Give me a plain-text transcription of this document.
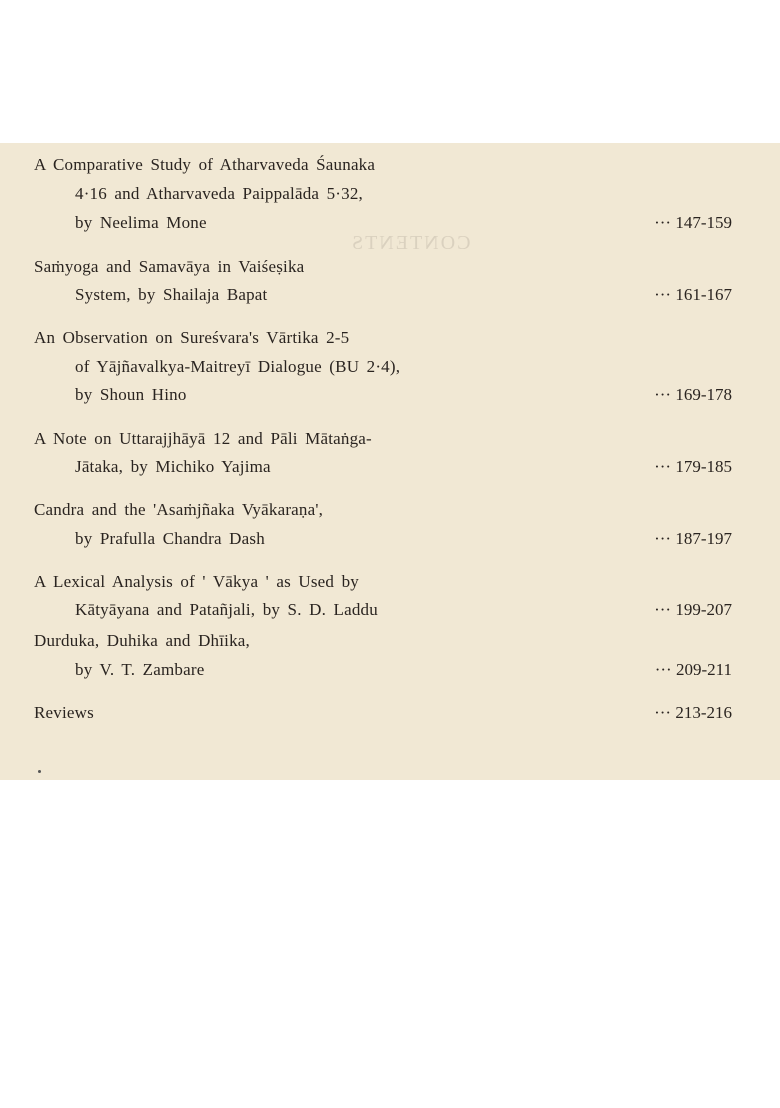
CONTENTS
A Comparative Study of Atharvaveda Śaunaka
4·16 and Atharvaveda Paippalāda 5·32,
by Neelima Mone	··· 147-159
Saṁyoga and Samavāya in Vaiśeṣika
System, by Shailaja Bapat	··· 161-167
An Observation on Sureśvara's Vārtika 2-5
of Yājñavalkya-Maitreyī Dialogue (BU 2·4),
by Shoun Hino	··· 169-178
A Note on Uttarajjhāyā 12 and Pāli Mātaṅga-
Jātaka, by Michiko Yajima	··· 179-185
Candra and the 'Asaṁjñaka Vyākaraṇa',
by Prafulla Chandra Dash	··· 187-197
A Lexical Analysis of ' Vākya ' as Used by
Kātyāyana and Patañjali, by S. D. Laddu	··· 199-207
Durduka, Duhika and Dhīika,
by V. T. Zambare	··· 209-211
Reviews	··· 213-216
